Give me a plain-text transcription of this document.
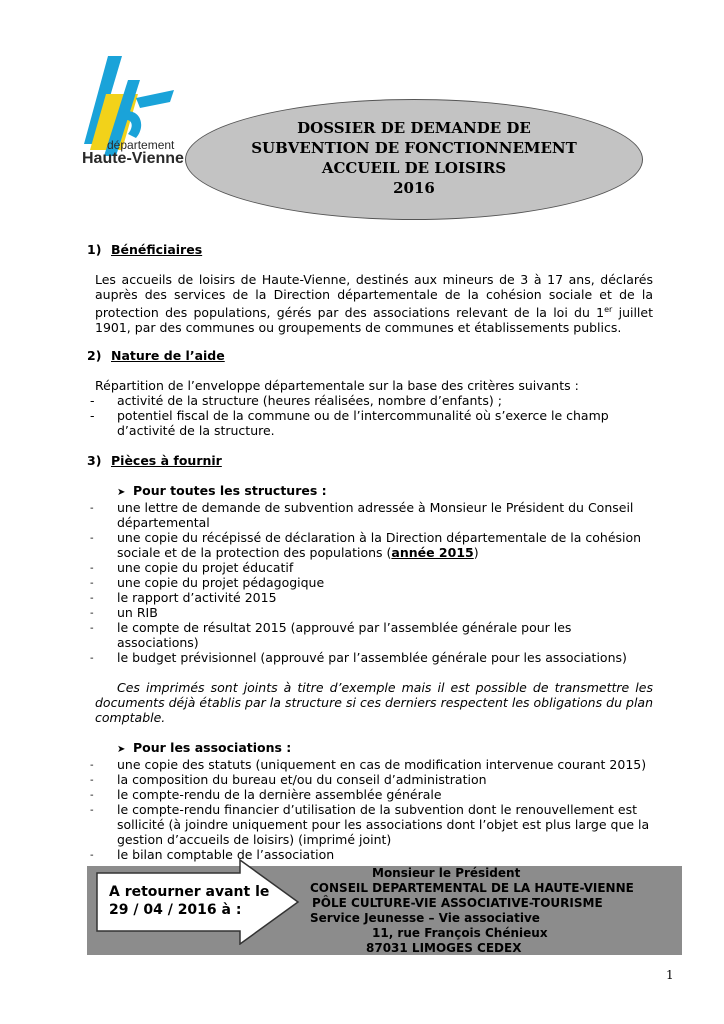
département
Haute-Vienne
DOSSIER DE DEMANDE DE
SUBVENTION DE FONCTIONNEMENT
ACCUEIL DE LOISIRS
2016

1) Bénéficiaires

Les accueils de loisirs de Haute-Vienne, destinés aux mineurs de 3 à 17 ans, déclarés auprès des services de la Direction départementale de la cohésion sociale et de la protection des populations, gérés par des associations relevant de la loi du 1er juillet 1901, par des communes ou groupements de communes et établissements publics.

2) Nature de l’aide

Répartition de l’enveloppe départementale sur la base des critères suivants :

- activité de la structure (heures réalisées, nombre d’enfants) ;
- potentiel fiscal de la commune ou de l’intercommunalité où s’exerce le champ d’activité de la structure.

3) Pièces à fournir

➤ Pour toutes les structures :
- une lettre de demande de subvention adressée à Monsieur le Président du Conseil départemental
- une copie du récépissé de déclaration à la Direction départementale de la cohésion sociale et de la protection des populations (année 2015)
- une copie du projet éducatif
- une copie du projet pédagogique
- le rapport d’activité 2015
- un RIB
- le compte de résultat 2015 (approuvé par l’assemblée générale pour les associations)
- le budget prévisionnel (approuvé par l’assemblée générale pour les associations)

Ces imprimés sont joints à titre d’exemple mais il est possible de transmettre les documents déjà établis par la structure si ces derniers respectent les obligations du plan comptable.

➤ Pour les associations :
- une copie des statuts (uniquement en cas de modification intervenue courant 2015)
- la composition du bureau et/ou du conseil d’administration
- le compte-rendu de la dernière assemblée générale
- le compte-rendu financier d’utilisation de la subvention dont le renouvellement est sollicité (à joindre uniquement pour les associations dont l’objet est plus large que la gestion d’accueils de loisirs) (imprimé joint)
- le bilan comptable de l’association
A retourner avant le
29 / 04 / 2016 à :
Monsieur le Président
CONSEIL DEPARTEMENTAL DE LA HAUTE-VIENNE
PÔLE CULTURE-VIE ASSOCIATIVE-TOURISME
Service Jeunesse – Vie associative
11, rue François Chénieux
87031 LIMOGES CEDEX
1
